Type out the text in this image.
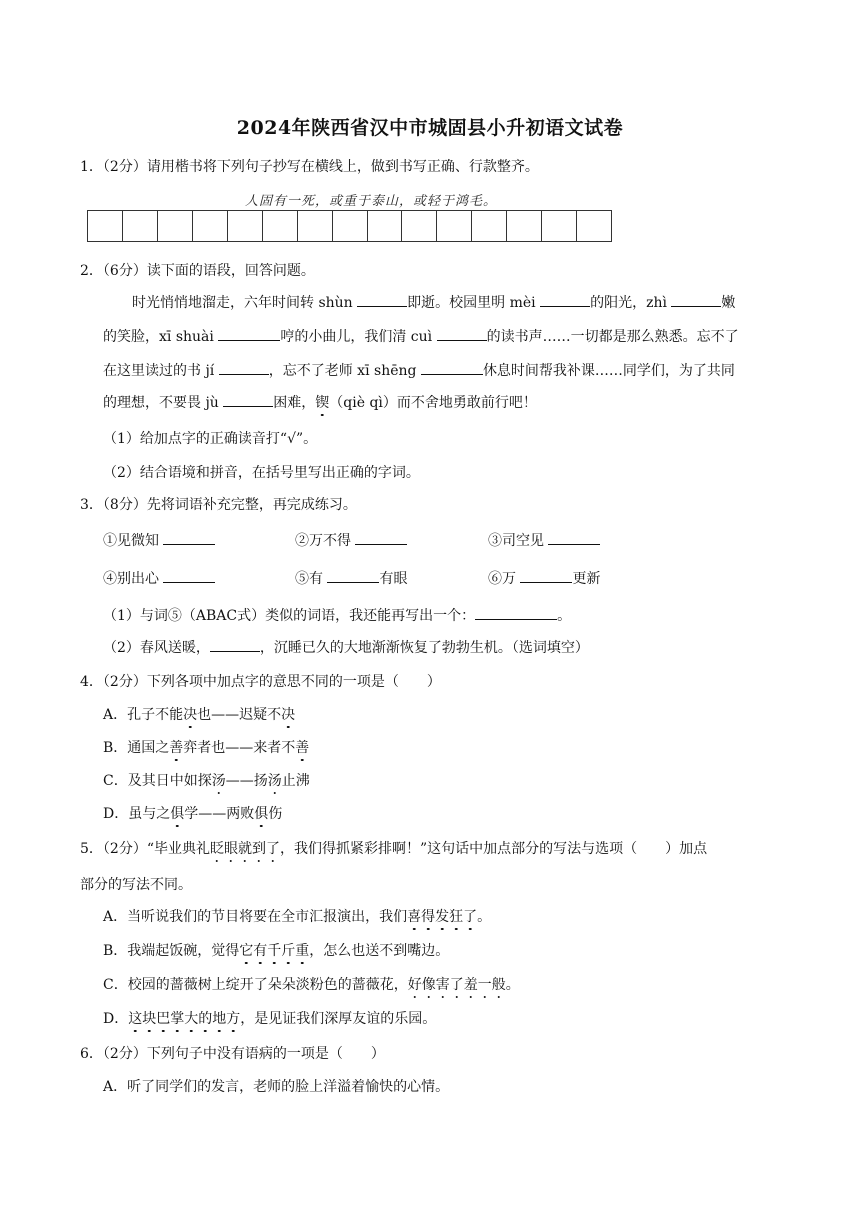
2024年陕西省汉中市城固县小升初语文试卷
1．（2分）请用楷书将下列句子抄写在横线上，做到书写正确、行款整齐。
人固有一死，或重于泰山，或轻于鸿毛。
2．（6分）读下面的语段，回答问题。
时光悄悄地溜走，六年时间转 shùn	即逝。校园里明 mèi	的阳光，zhì	嫩
的笑脸，xī shuài	哼的小曲儿，我们清 cuì	的读书声……一切都是那么熟悉。忘不了
在这里读过的书 jí	，忘不了老师 xī shēng	休息时间帮我补课……同学们，为了共同
的理想，不要畏 jù	困难，锲（qiè qì）而不舍地勇敢前行吧！
（1）给加点字的正确读音打“√”。
（2）结合语境和拼音，在括号里写出正确的字词。
3．（8分）先将词语补充完整，再完成练习。
①见微知	②万不得	③司空见
④别出心	⑤有	有眼	⑥万	更新
（1）与词⑤（ABAC式）类似的词语，我还能再写出一个：	。
（2）春风送暖，	，沉睡已久的大地渐渐恢复了勃勃生机。（选词填空）
4．（2分）下列各项中加点字的意思不同的一项是（　　）
A．孔子不能决也——迟疑不决
B．通国之善弈者也——来者不善
C．及其日中如探汤——扬汤止沸
D．虽与之俱学——两败俱伤
5．（2分）“毕业典礼眨眼就到了，我们得抓紧彩排啊！”这句话中加点部分的写法与选项（　　）加点
部分的写法不同。
A．当听说我们的节目将要在全市汇报演出，我们喜得发狂了。
B．我端起饭碗，觉得它有千斤重，怎么也送不到嘴边。
C．校园的蔷薇树上绽开了朵朵淡粉色的蔷薇花，好像害了羞一般。
D．这块巴掌大的地方，是见证我们深厚友谊的乐园。
6．（2分）下列句子中没有语病的一项是（　　）
A．听了同学们的发言，老师的脸上洋溢着愉快的心情。
